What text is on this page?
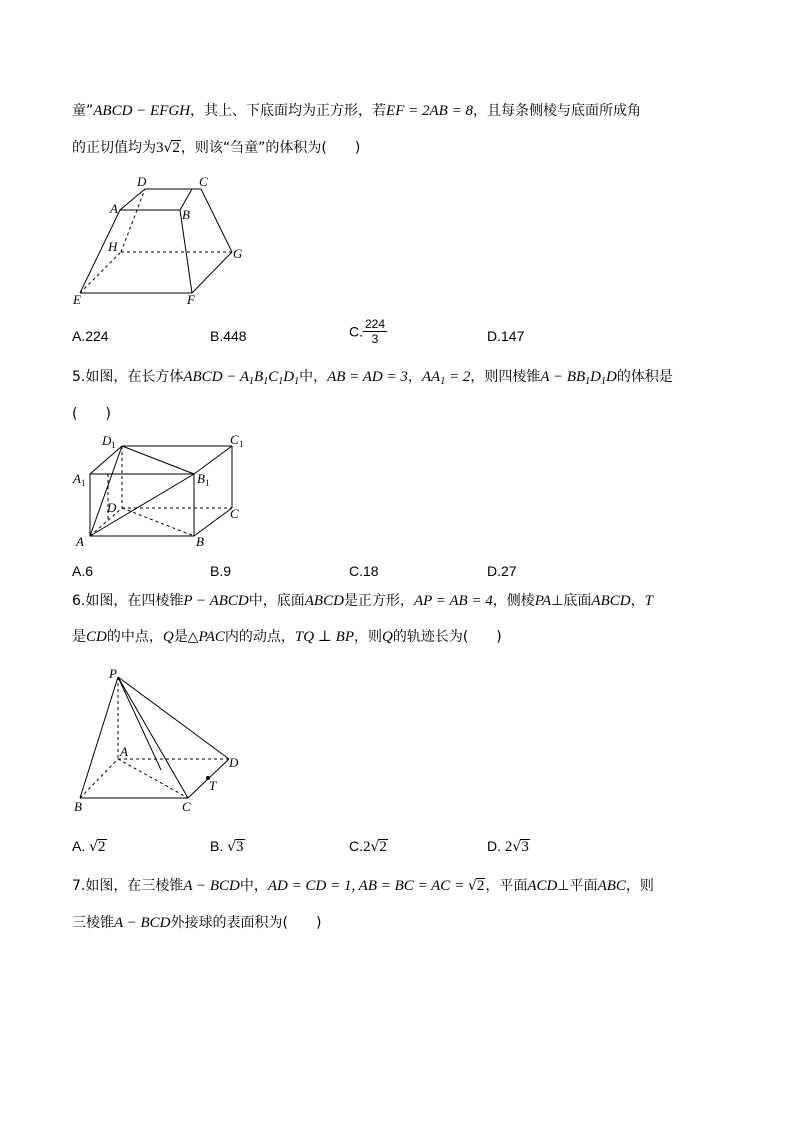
童”ABCD − EFGH，其上、下底面均为正方形，若EF = 2AB = 8，且每条侧棱与底面所成角
的正切值均为3√2，则该“刍童”的体积为(　　)
D	C
A	B
H	G
E	F
A.224	B.448	C. $\frac{224}{3}$	D.147
5.如图，在长方体ABCD − $A_1B_1C_1D_1$中，AB = AD = 3，$AA_1 = 2$，则四棱锥$A - BB_1D_1D$的体积是
(　　)
D 1	C 1
A 1	B 1
D	C
A	B
A.6	B.9	C.18	D.27
6.如图，在四棱锥P − ABCD中，底面ABCD是正方形，AP = AB = 4，侧棱PA⊥底面ABCD，T
是CD的中点，Q是△PAC内的动点，TQ ⊥ BP，则Q的轨迹长为(　　)
P
A
D
T
B	C
A. √2	B. √3	C.2√2	D. 2√3
7.如图，在三棱锥A − BCD中，AD = CD = 1, AB = BC = AC = √2，平面ACD⊥平面ABC，则
三棱锥A − BCD外接球的表面积为(　　)
